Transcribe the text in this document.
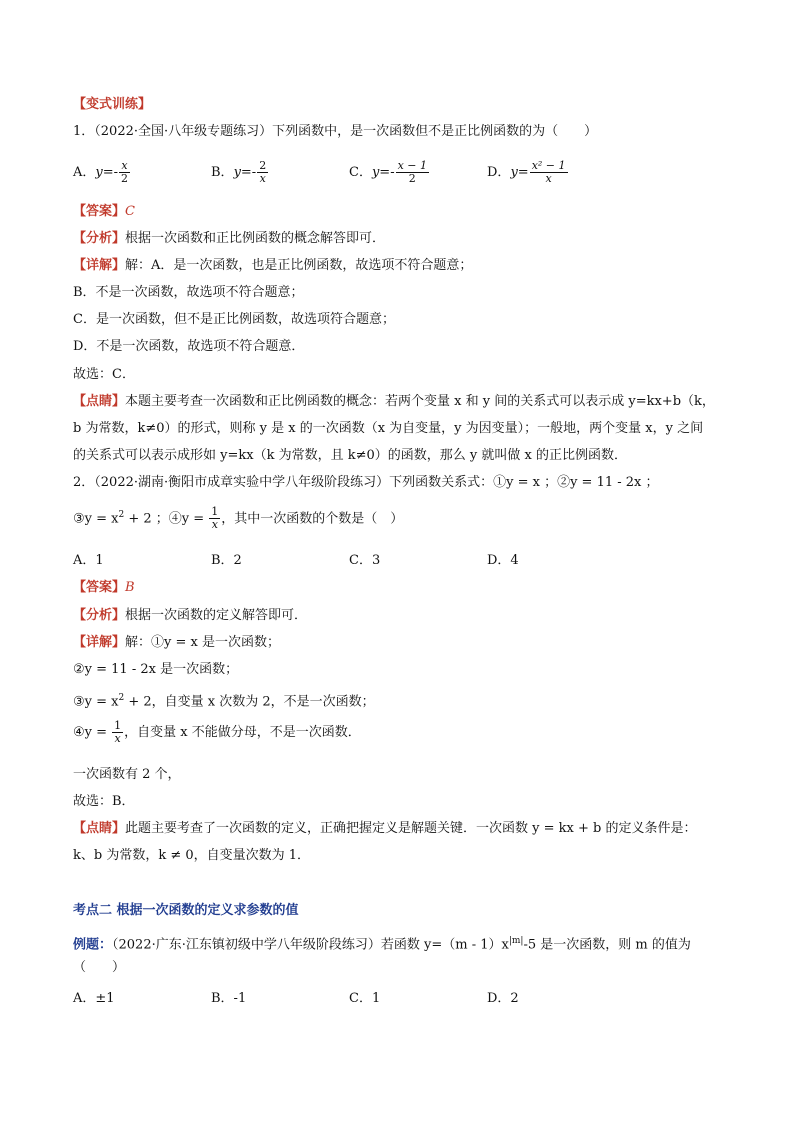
【变式训练】
1．（2022·全国·八年级专题练习）下列函数中，是一次函数但不是正比例函数的为（　　）
A．$y=- \frac{x}{2}$	B．$y=- \frac{2}{x}$	C．$y=- \frac{x - 1}{2}$	D．$y= \frac{\text{x² − 1}}{x}$
【答案】C
【分析】根据一次函数和正比例函数的概念解答即可．
【详解】解：A．是一次函数，也是正比例函数，故选项不符合题意；
B．不是一次函数，故选项不符合题意；
C．是一次函数，但不是正比例函数，故选项符合题意；
D．不是一次函数，故选项不符合题意．
故选：C．
【点睛】本题主要考查一次函数和正比例函数的概念：若两个变量 x 和 y 间的关系式可以表示成 y=kx+b（k，
b 为常数，k≠0）的形式，则称 y 是 x 的一次函数（x 为自变量，y 为因变量）；一般地，两个变量 x，y 之间
的关系式可以表示成形如 y=kx（k 为常数，且 k≠0）的函数，那么 y 就叫做 x 的正比例函数．
2．（2022·湖南·衡阳市成章实验中学八年级阶段练习）下列函数关系式：①y = x ；②y = 11 - 2x ；
③y = $x^2 + 2$ ；④y = $\frac{1}{x}$ ，其中一次函数的个数是（　）
A．1	B．2	C．3	D．4
【答案】B
【分析】根据一次函数的定义解答即可．
【详解】解：①y = x 是一次函数；
②y = 11 - 2x 是一次函数；
③y = $x^2 + 2$，自变量 x 次数为 2，不是一次函数；
④y = $\frac{1}{x}$ ，自变量 x 不能做分母，不是一次函数．
一次函数有 2 个，
故选：B．
【点睛】此题主要考查了一次函数的定义，正确把握定义是解题关键．一次函数 y = kx + b 的定义条件是：
k、b 为常数，k ≠ 0，自变量次数为 1．
考点二 根据一次函数的定义求参数的值
例题：（2022·广东·江东镇初级中学八年级阶段练习）若函数 $y=(m - 1)x^{|m|}-5$ 是一次函数，则 m 的值为
（　　）
A．±1	B．-1	C．1	D．2
